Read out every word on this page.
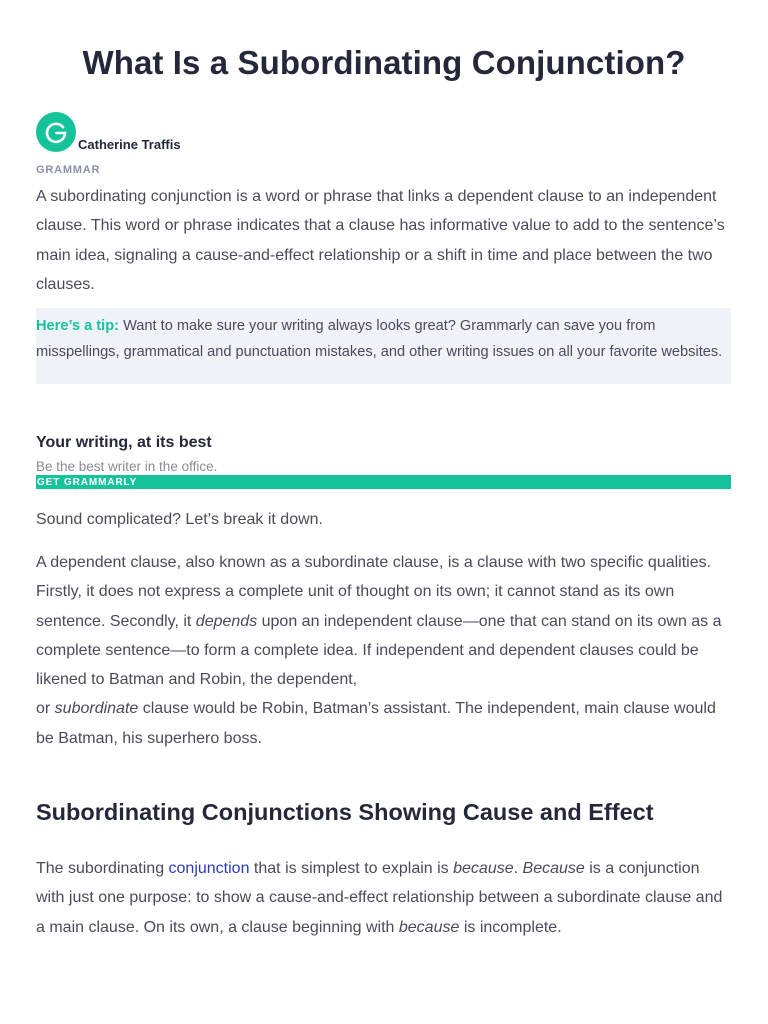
What Is a Subordinating Conjunction?
Catherine Traffis
GRAMMAR

A subordinating conjunction is a word or phrase that links a dependent clause to an independent clause. This word or phrase indicates that a clause has informative value to add to the sentence’s main idea, signaling a cause-and-effect relationship or a shift in time and place between the two clauses.

Here’s a tip: Want to make sure your writing always looks great? Grammarly can save you from misspellings, grammatical and punctuation mistakes, and other writing issues on all your favorite websites.
Your writing, at its best
Be the best writer in the office.
GET GRAMMARLY

Sound complicated? Let’s break it down.

A dependent clause, also known as a subordinate clause, is a clause with two specific qualities. Firstly, it does not express a complete unit of thought on its own; it cannot stand as its own sentence. Secondly, it depends upon an independent clause—one that can stand on its own as a complete sentence—to form a complete idea. If independent and dependent clauses could be likened to Batman and Robin, the dependent,
or subordinate clause would be Robin, Batman’s assistant. The independent, main clause would be Batman, his superhero boss.

Subordinating Conjunctions Showing Cause and Effect

The subordinating conjunction that is simplest to explain is because. Because is a conjunction with just one purpose: to show a cause-and-effect relationship between a subordinate clause and a main clause. On its own, a clause beginning with because is incomplete.
